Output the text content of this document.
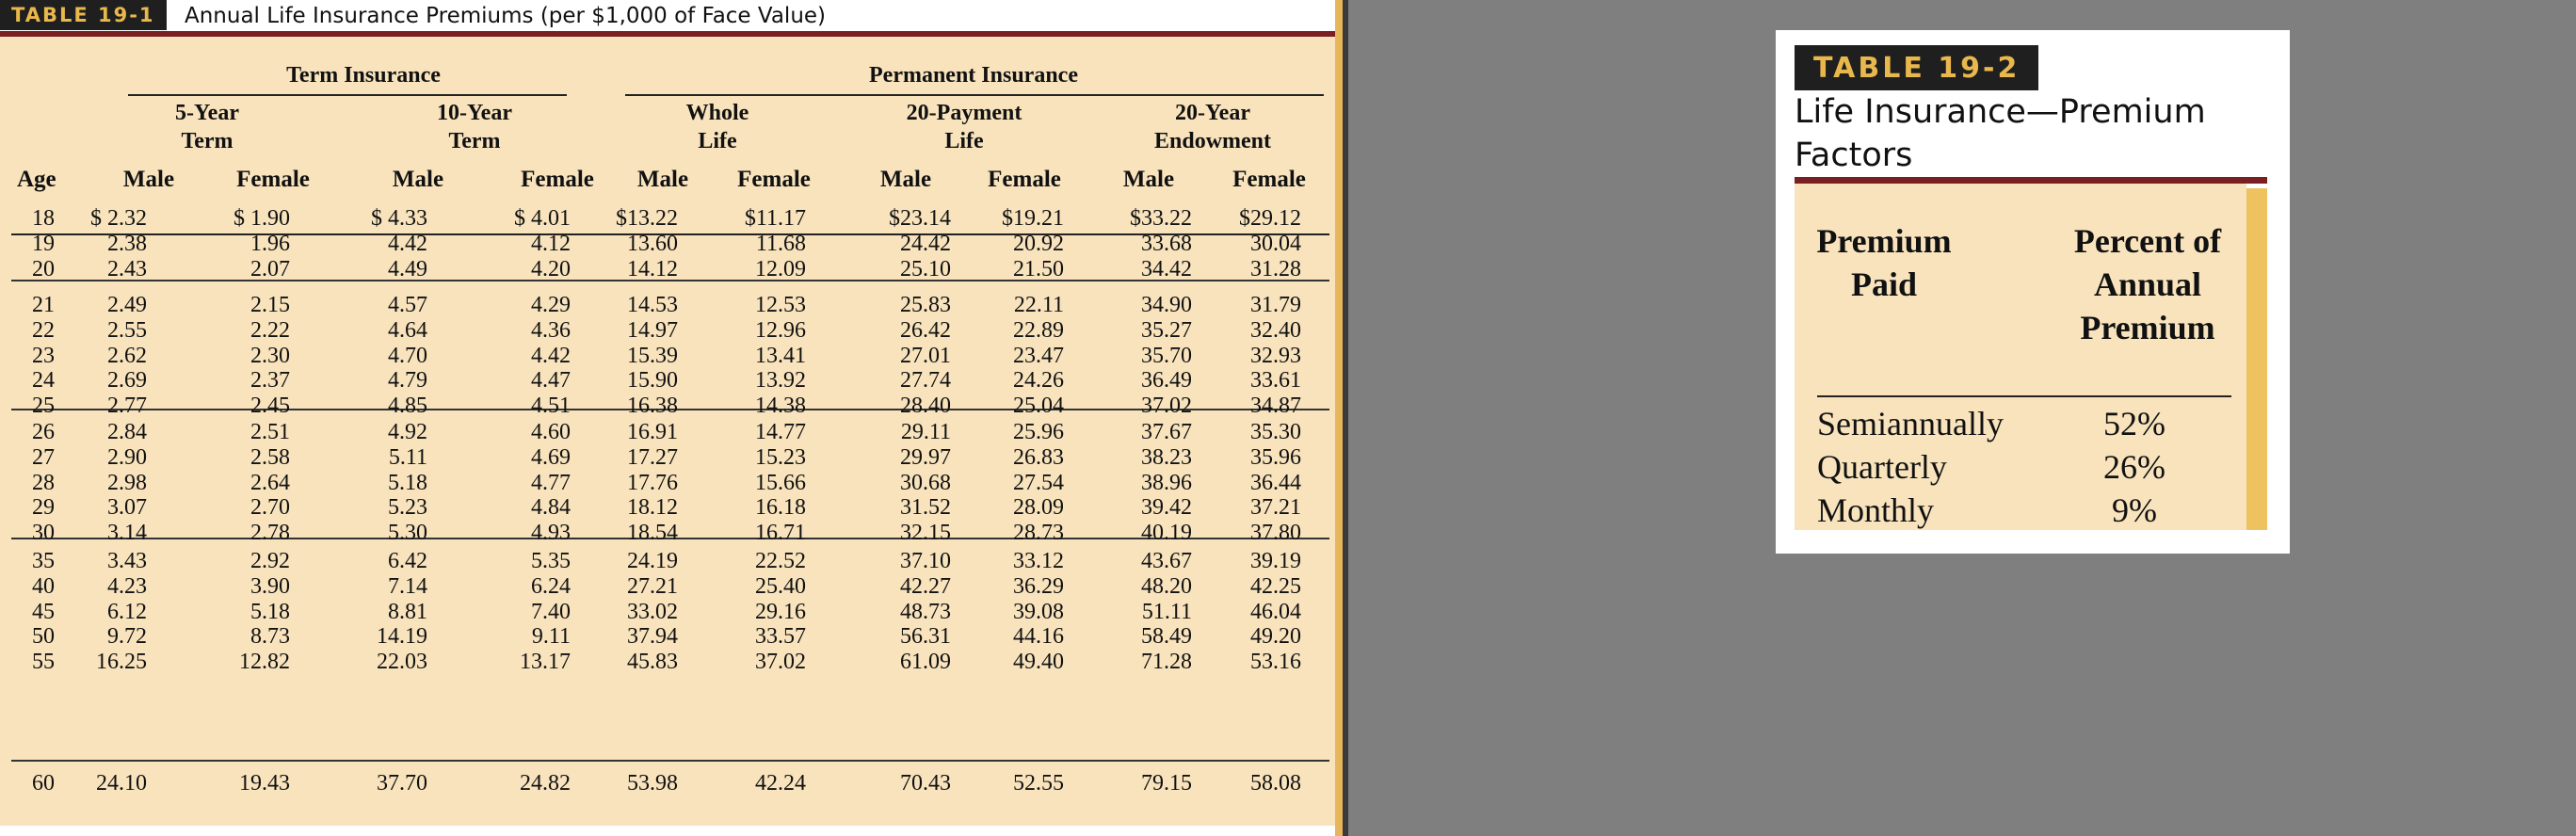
TABLE 19-1	Annual Life Insurance Premiums (per $1,000 of Face Value)
Term Insurance	Permanent Insurance
5-Year
Term
10-Year
Term
Whole
Life
20-Payment
Life
20-Year
Endowment
Age	Male	Female	Male	Female	Male	Female	Male	Female	Male	Female
18 $ 2.32	$ 1.90	$ 4.33	$ 4.01 $13.22	$11.17	$23.14 $19.21	$33.22 $29.12
19 2.38	1.96	4.42	4.12	13.60	11.68	24.42	20.92	33.68	30.04
20 2.43	2.07	4.49	4.20	14.12	12.09	25.10	21.50	34.42	31.28
21 2.49	2.15	4.57	4.29	14.53	12.53	25.83	22.11	34.90	31.79
22 2.55	2.22	4.64	4.36	14.97	12.96	26.42	22.89	35.27	32.40
23 2.62	2.30	4.70	4.42	15.39	13.41	27.01	23.47	35.70	32.93
24 2.69	2.37	4.79	4.47	15.90	13.92	27.74	24.26	36.49	33.61
25 2.77	2.45	4.85	4.51	16.38	14.38	28.40	25.04	37.02	34.87
26 2.84	2.51	4.92	4.60	16.91	14.77	29.11	25.96	37.67	35.30
27 2.90	2.58	5.11	4.69	17.27	15.23	29.97	26.83	38.23	35.96
28 2.98	2.64	5.18	4.77	17.76	15.66	30.68	27.54	38.96	36.44
29 3.07	2.70	5.23	4.84	18.12	16.18	31.52	28.09	39.42	37.21
30 3.14	2.78	5.30	4.93	18.54	16.71	32.15	28.73	40.19	37.80
35 3.43	2.92	6.42	5.35	24.19	22.52	37.10	33.12	43.67	39.19
40 4.23	3.90	7.14	6.24	27.21	25.40	42.27	36.29	48.20	42.25
45 6.12	5.18	8.81	7.40	33.02	29.16	48.73	39.08	51.11	46.04
50 9.72	8.73	14.19	9.11	37.94	33.57	56.31	44.16	58.49	49.20
55 16.25	12.82	22.03	13.17	45.83	37.02	61.09	49.40	71.28	53.16
60 24.10	19.43	37.70	24.82	53.98	42.24	70.43	52.55	79.15	58.08
TABLE 19-2
Life Insurance—Premium Factors
Premium
Paid
Percent of
Annual
Premium
Semiannually	52%
Quarterly	26%
Monthly	9%
